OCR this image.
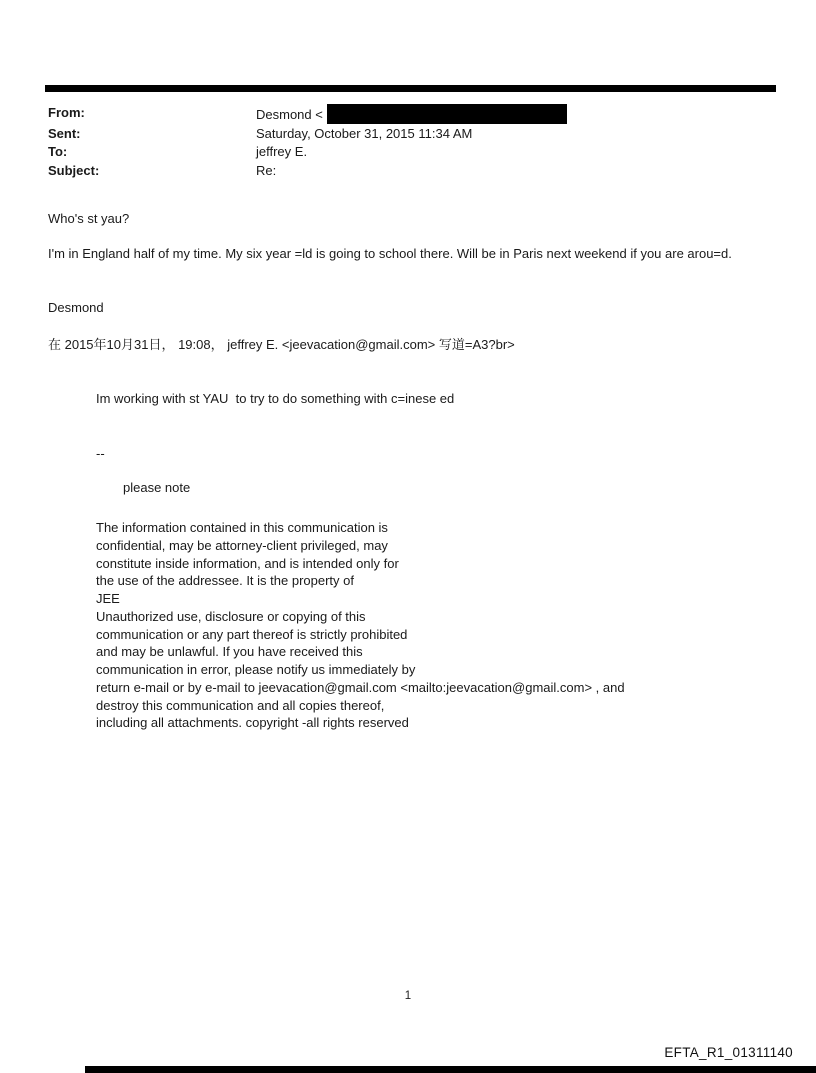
From:	Desmond <
Sent:	Saturday, October 31, 2015 11:34 AM
To:	jeffrey E.
Subject:	Re:
Who's st yau?
I'm in England half of my time. My six year =ld is going to school there. Will be in Paris next weekend if you are arou=d.
Desmond
在 2015年10月31日， 19:08， jeffrey E. <jeevacation@gmail.com> 写道=A3?br>
Im working with st YAU  to try to do something with c=inese ed
--
please note
The information contained in this communication is
confidential, may be attorney-client privileged, may
constitute inside information, and is intended only for
the use of the addressee. It is the property of
JEE
Unauthorized use, disclosure or copying of this
communication or any part thereof is strictly prohibited
and may be unlawful. If you have received this
communication in error, please notify us immediately by
return e-mail or by e-mail to jeevacation@gmail.com <mailto:jeevacation@gmail.com> , and
destroy this communication and all copies thereof,
including all attachments. copyright -all rights reserved
1
EFTA_R1_01311140
